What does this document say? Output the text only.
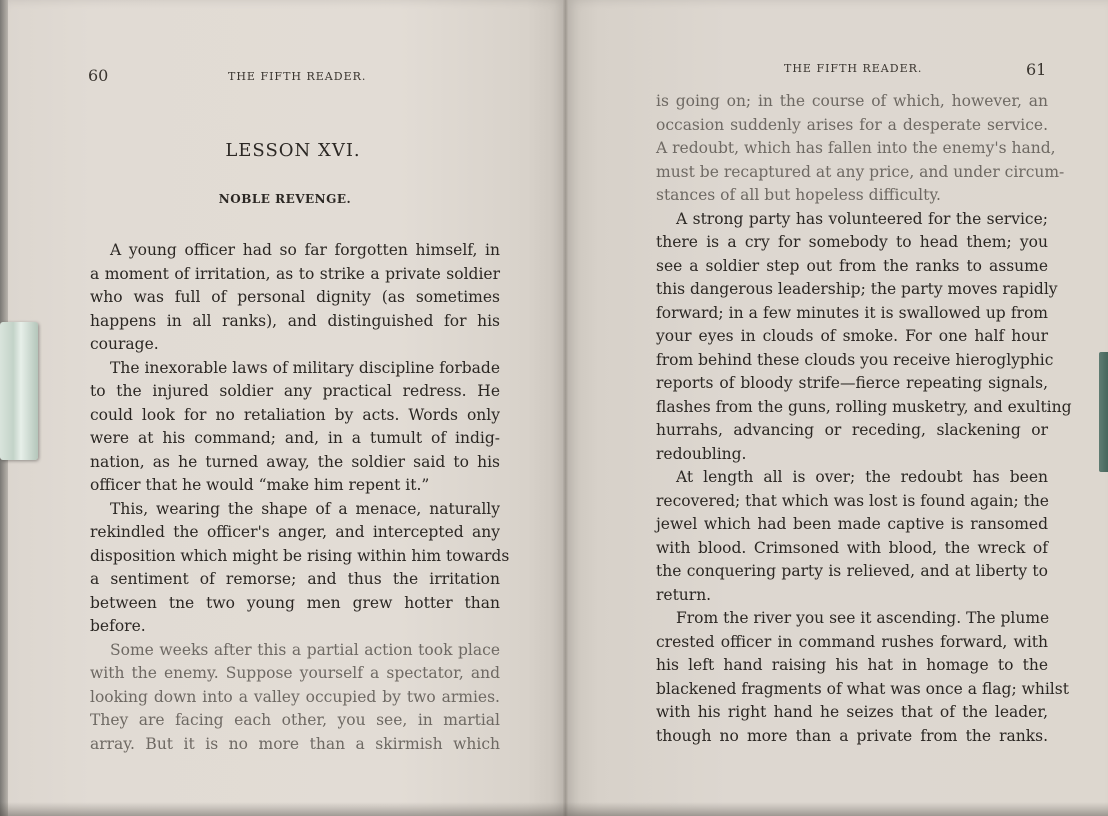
60	THE FIFTH READER.
LESSON XVI.
NOBLE REVENGE.
A young officer had so far forgotten himself, in
a moment of irritation, as to strike a private soldier
who was full of personal dignity (as sometimes
happens in all ranks), and distinguished for his
courage.
The inexorable laws of military discipline forbade
to the injured soldier any practical redress. He
could look for no retaliation by acts. Words only
were at his command; and, in a tumult of indig-
nation, as he turned away, the soldier said to his
officer that he would “make him repent it.”
This, wearing the shape of a menace, naturally
rekindled the officer's anger, and intercepted any
disposition which might be rising within him towards
a sentiment of remorse; and thus the irritation
between tne two young men grew hotter than
before.
Some weeks after this a partial action took place
with the enemy. Suppose yourself a spectator, and
looking down into a valley occupied by two armies.
They are facing each other, you see, in martial
array. But it is no more than a skirmish which
THE FIFTH READER.	61
is going on; in the course of which, however, an
occasion suddenly arises for a desperate service.
A redoubt, which has fallen into the enemy's hand,
must be recaptured at any price, and under circum-
stances of all but hopeless difficulty.
A strong party has volunteered for the service;
there is a cry for somebody to head them; you
see a soldier step out from the ranks to assume
this dangerous leadership; the party moves rapidly
forward; in a few minutes it is swallowed up from
your eyes in clouds of smoke. For one half hour
from behind these clouds you receive hieroglyphic
reports of bloody strife—fierce repeating signals,
flashes from the guns, rolling musketry, and exulting
hurrahs, advancing or receding, slackening or
redoubling.
At length all is over; the redoubt has been
recovered; that which was lost is found again; the
jewel which had been made captive is ransomed
with blood. Crimsoned with blood, the wreck of
the conquering party is relieved, and at liberty to
return.
From the river you see it ascending. The plume
crested officer in command rushes forward, with
his left hand raising his hat in homage to the
blackened fragments of what was once a flag; whilst
with his right hand he seizes that of the leader,
though no more than a private from the ranks.
